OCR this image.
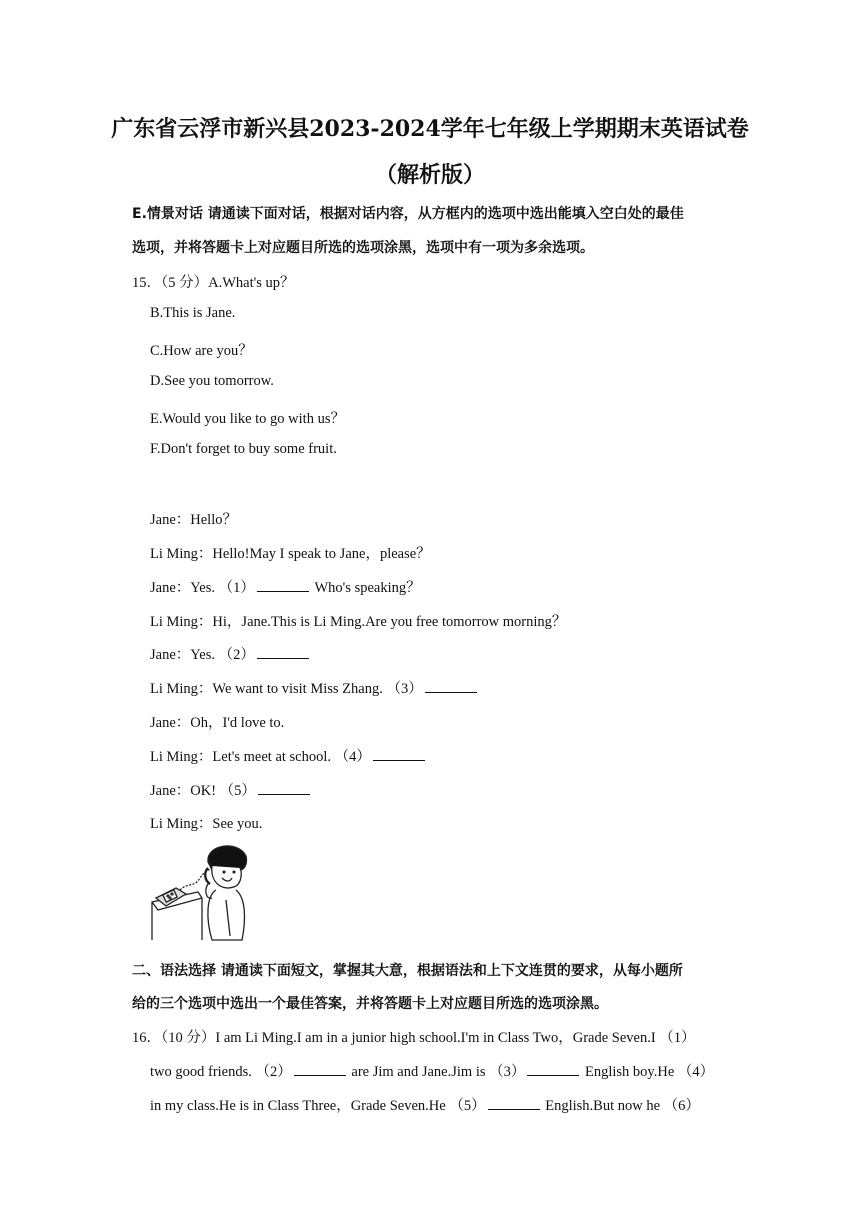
广东省云浮市新兴县2023-2024学年七年级上学期期末英语试卷
（解析版）
E.情景对话 请通读下面对话，根据对话内容，从方框内的选项中选出能填入空白处的最佳
选项，并将答题卡上对应题目所选的选项涂黑，选项中有一项为多余选项。
15．（5 分）A.What's up？
B.This is Jane.
C.How are you？
D.See you tomorrow.
E.Would you like to go with us？
F.Don't forget to buy some fruit.
Jane：Hello？
Li Ming：Hello!May I speak to Jane，please？
Jane：Yes. （1）	Who's speaking？
Li Ming：Hi，Jane.This is Li Ming.Are you free tomorrow morning？
Jane：Yes. （2）
Li Ming：We want to visit Miss Zhang. （3）
Jane：Oh，I'd love to.
Li Ming：Let's meet at school. （4）
Jane：OK! （5）
Li Ming：See you.
二、语法选择 请通读下面短文，掌握其大意，根据语法和上下文连贯的要求，从每小题所
给的三个选项中选出一个最佳答案，并将答题卡上对应题目所选的选项涂黑。
16．（10 分）I am Li Ming.I am in a junior high school.I'm in Class Two，Grade Seven.I （1）
two good friends. （2）	are Jim and Jane.Jim is （3）	English boy.He （4）
in my class.He is in Class Three，Grade Seven.He （5）	English.But now he （6）
